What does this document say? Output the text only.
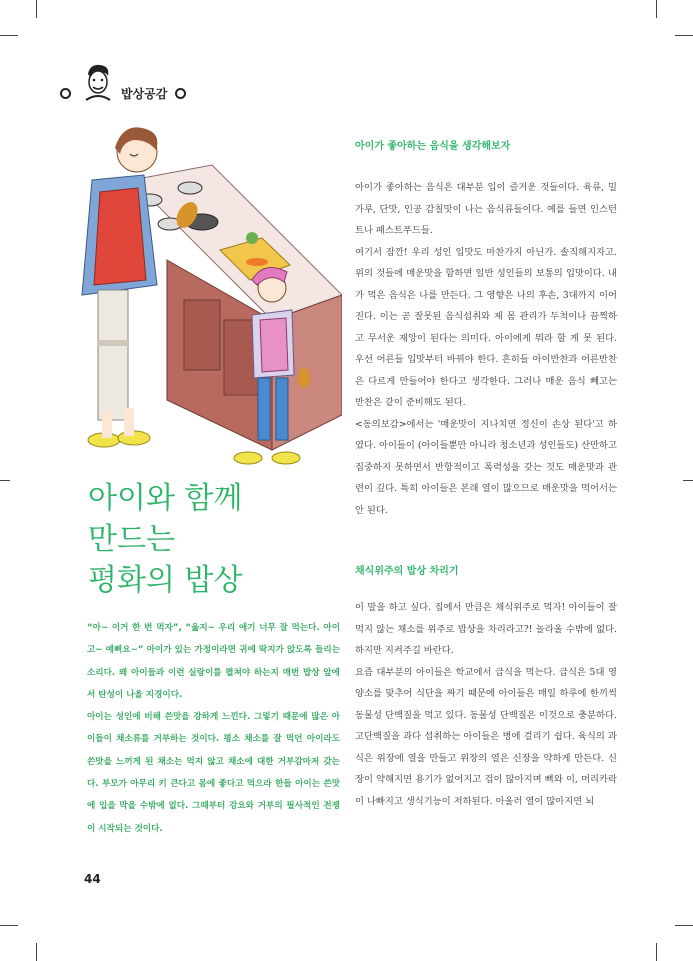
밥상공감
아이와 함께
만드는
평화의 밥상

“아~ 이거 한 번 먹자”, “옳지~ 우리 애기 너무 잘 먹는다. 아이고~ 예뻐요~” 아이가 있는 가정이라면 귀에 딱지가 앉도록 들리는 소리다. 왜 아이들과 이런 실랑이를 펼쳐야 하는지 매번 밥상 앞에서 탄성이 나올 지경이다.

아이는 성인에 비해 쓴맛을 강하게 느낀다. 그렇기 때문에 많은 아이들이 채소류를 거부하는 것이다. 평소 채소를 잘 먹던 아이라도 쓴맛을 느끼게 된 채소는 먹지 않고 채소에 대한 거부감마저 갖는다. 부모가 아무리 키 큰다고 몸에 좋다고 먹으라 한들 아이는 쓴맛에 입을 막을 수밖에 없다. 그때부터 강요와 거부의 필사적인 전쟁이 시작되는 것이다.

아이가 좋아하는 음식을 생각해보자

아이가 좋아하는 음식은 대부분 입이 즐거운 것들이다. 육류, 밀가루, 단맛, 인공 감칠맛이 나는 음식류들이다. 예를 들면 인스턴트나 패스트푸드들.

여기서 잠깐! 우리 성인 입맛도 마찬가지 아닌가. 솔직해지자고. 위의 것들에 매운맛을 함하면 일반 성인들의 보통의 입맛이다. 내가 먹은 음식은 나를 만든다. 그 영향은 나의 후손, 3대까지 이어진다. 이는 곧 잘못된 음식섭취와 제 몸 관리가 두척이나 끔찍하고 무서운 재앙이 된다는 의미다. 아이에게 뭐라 할 게 못 된다. 우선 어른들 입맛부터 바꿔야 한다. 흔히들 아이반찬과 어른반찬은 다르게 만들어야 한다고 생각한다. 그러나 매운 음식 빼고는 반찬은 같이 준비해도 된다.

<동의보감>에서는 '매운맛이 지나치면 정신이 손상 된다'고 하였다. 아이들이 (아이들뿐만 아니라 청소년과 성인들도) 산만하고 집중하지 못하면서 반항적이고 폭력성을 갖는 것도 매운맛과 관련이 깊다. 특히 아이들은 본래 열이 많으므로 매운맛을 먹어서는 안 된다.

채식위주의 밥상 차리기

이 말을 하고 싶다. 집에서 만큼은 채식위주로 먹자! 아이들이 잘 먹지 않는 채소를 위주로 밥상을 차리라고?! 놀라울 수밖에 없다. 하지만 지켜주길 바란다.

요즘 대부분의 아이들은 학교에서 급식을 먹는다. 급식은 5대 영양소를 맞추어 식단을 짜기 때문에 아이들은 매일 하루에 한끼씩 동물성 단백질을 먹고 있다. 동물성 단백질은 이것으로 충분하다. 고단백질을 과다 섭취하는 아이들은 병에 걸리기 쉽다. 육식의 과식은 위장에 열을 만들고 위장의 열은 신장을 약하게 만든다. 신장이 약해지면 용기가 없어지고 겁이 많아지며 뼈와 이, 머리카락이 나빠지고 생식기능이 저하된다. 아울러 열이 많아지면 뇌

44
